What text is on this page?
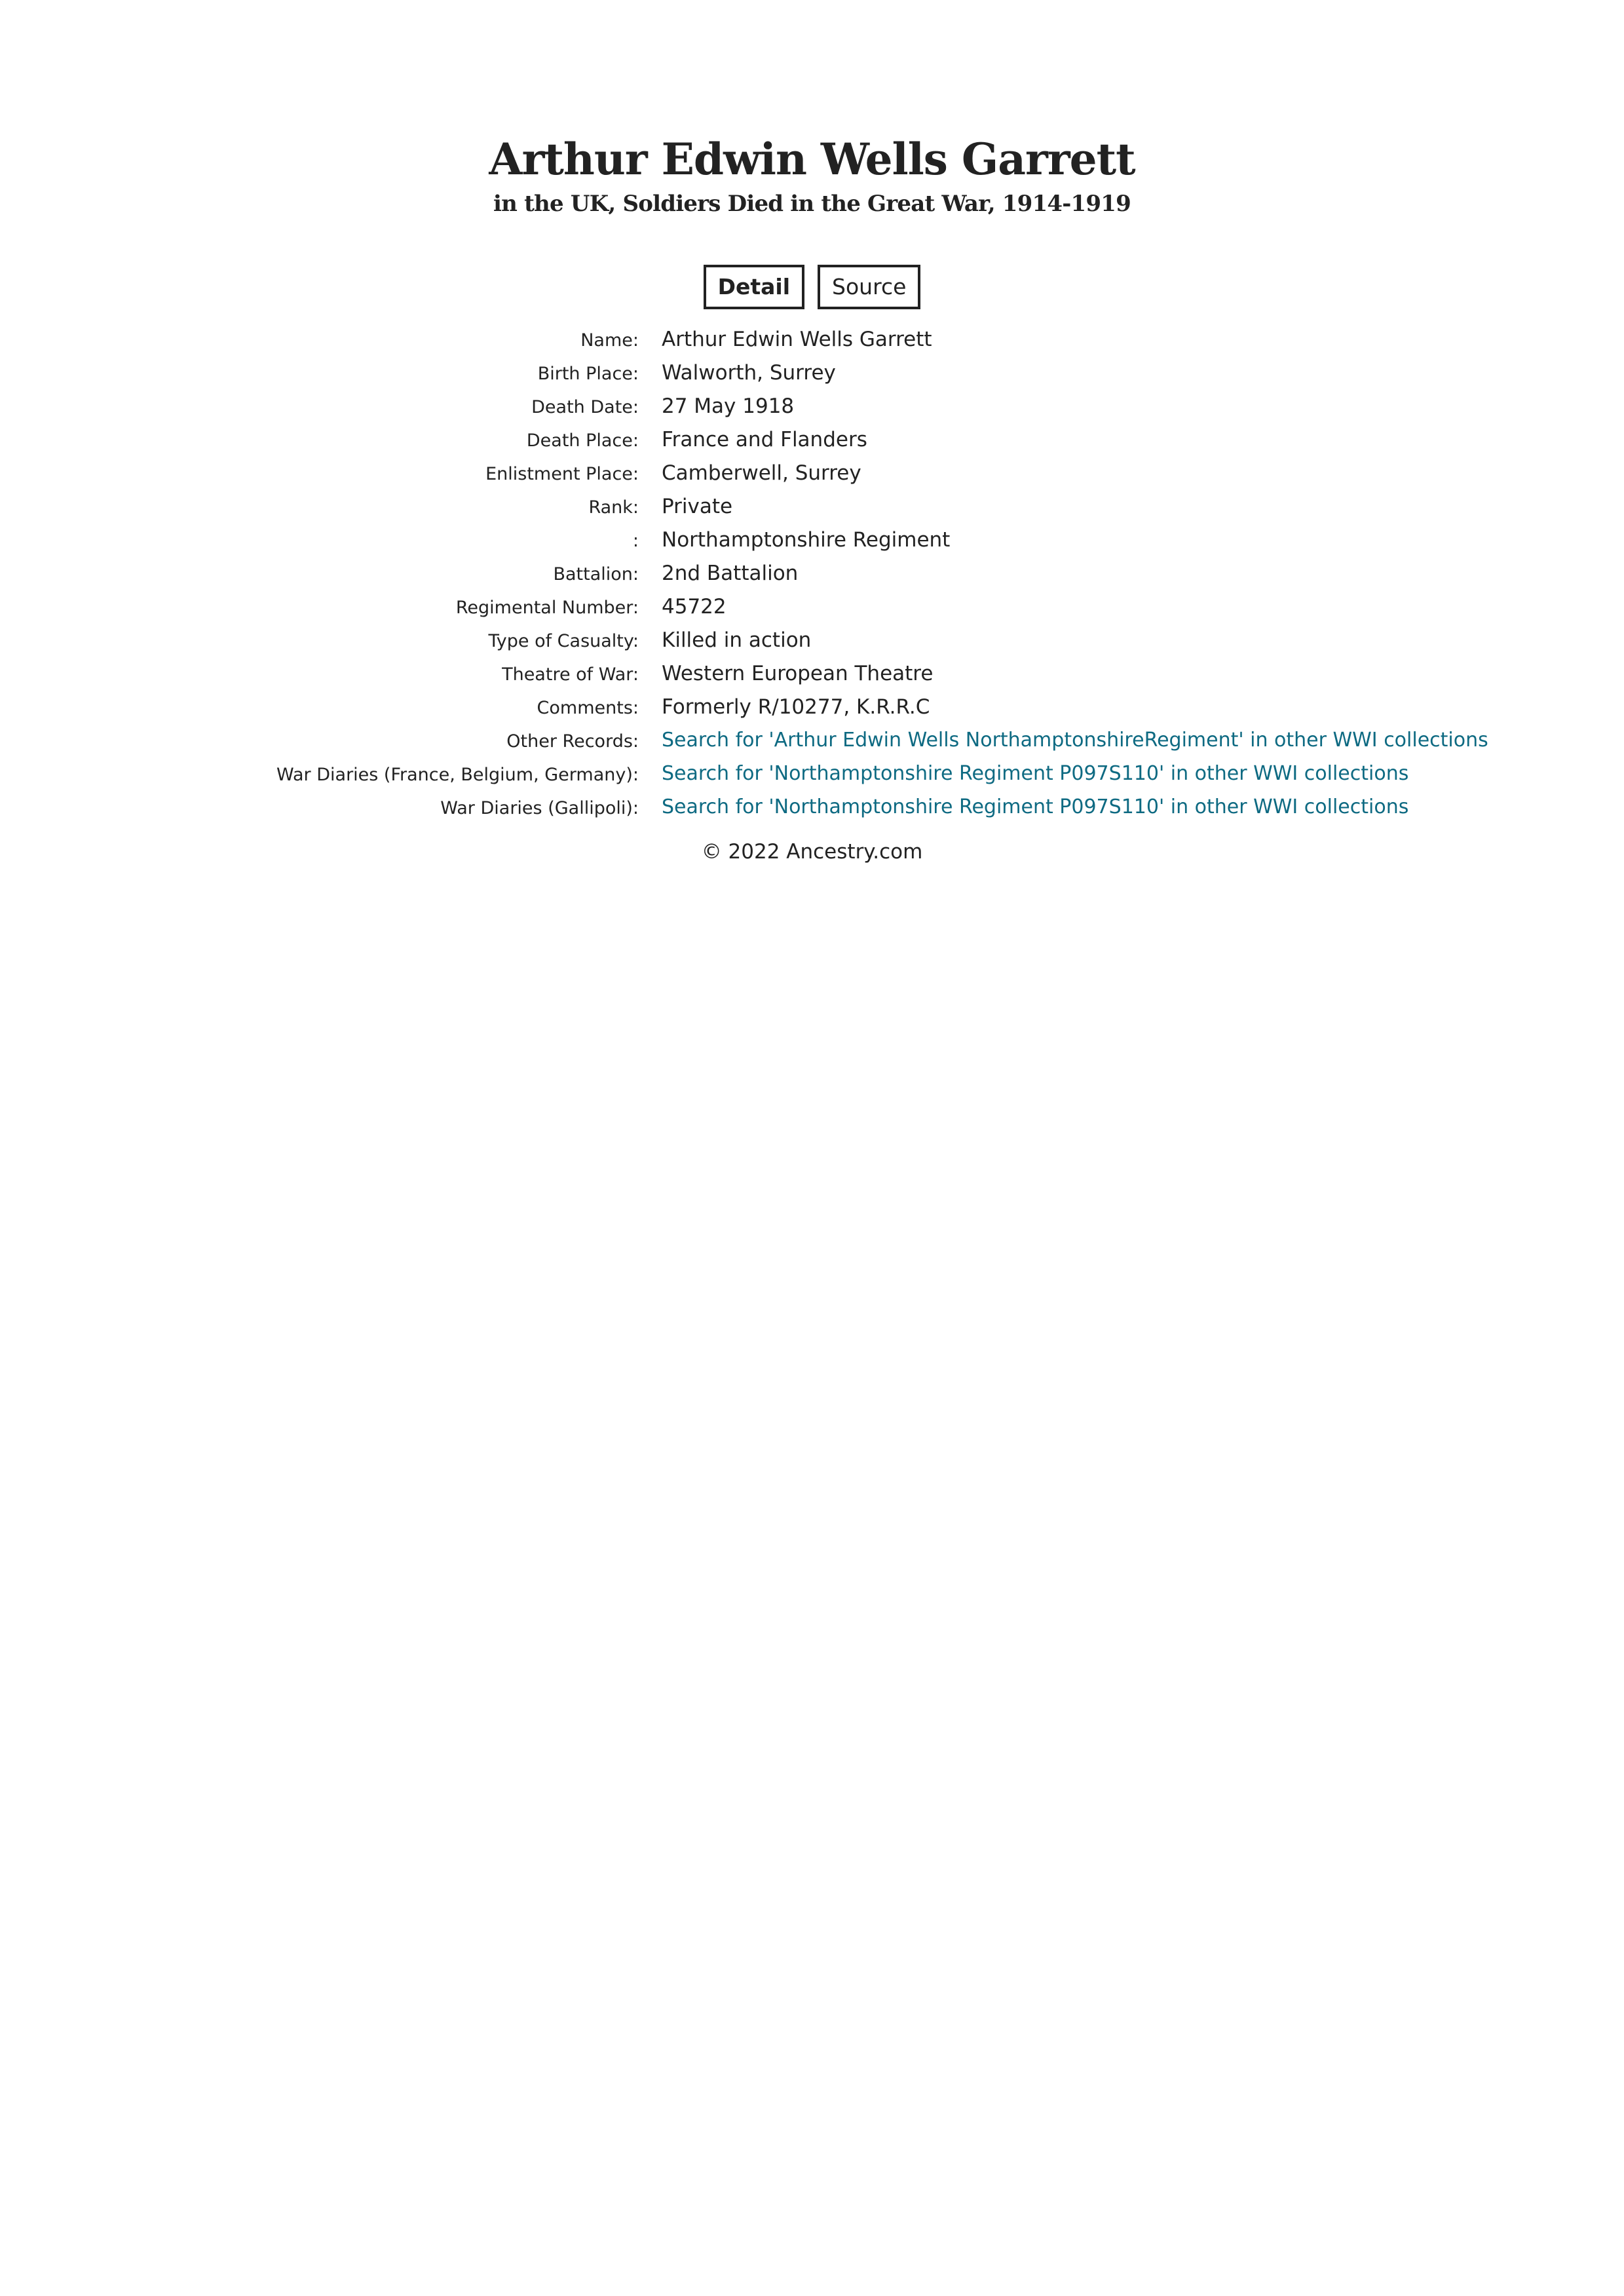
Arthur Edwin Wells Garrett
in the UK, Soldiers Died in the Great War, 1914-1919
Detail	Source
Name: Arthur Edwin Wells Garrett
Birth Place: Walworth, Surrey
Death Date: 27 May 1918
Death Place: France and Flanders
Enlistment Place: Camberwell, Surrey
Rank: Private
: Northamptonshire Regiment
Battalion: 2nd Battalion
Regimental Number: 45722
Type of Casualty: Killed in action
Theatre of War: Western European Theatre
Comments: Formerly R/10277, K.R.R.C
Other Records: Search for 'Arthur Edwin Wells NorthamptonshireRegiment' in other WWI collections
War Diaries (France, Belgium, Germany): Search for 'Northamptonshire Regiment P097S110' in other WWI collections
War Diaries (Gallipoli): Search for 'Northamptonshire Regiment P097S110' in other WWI collections
© 2022 Ancestry.com
